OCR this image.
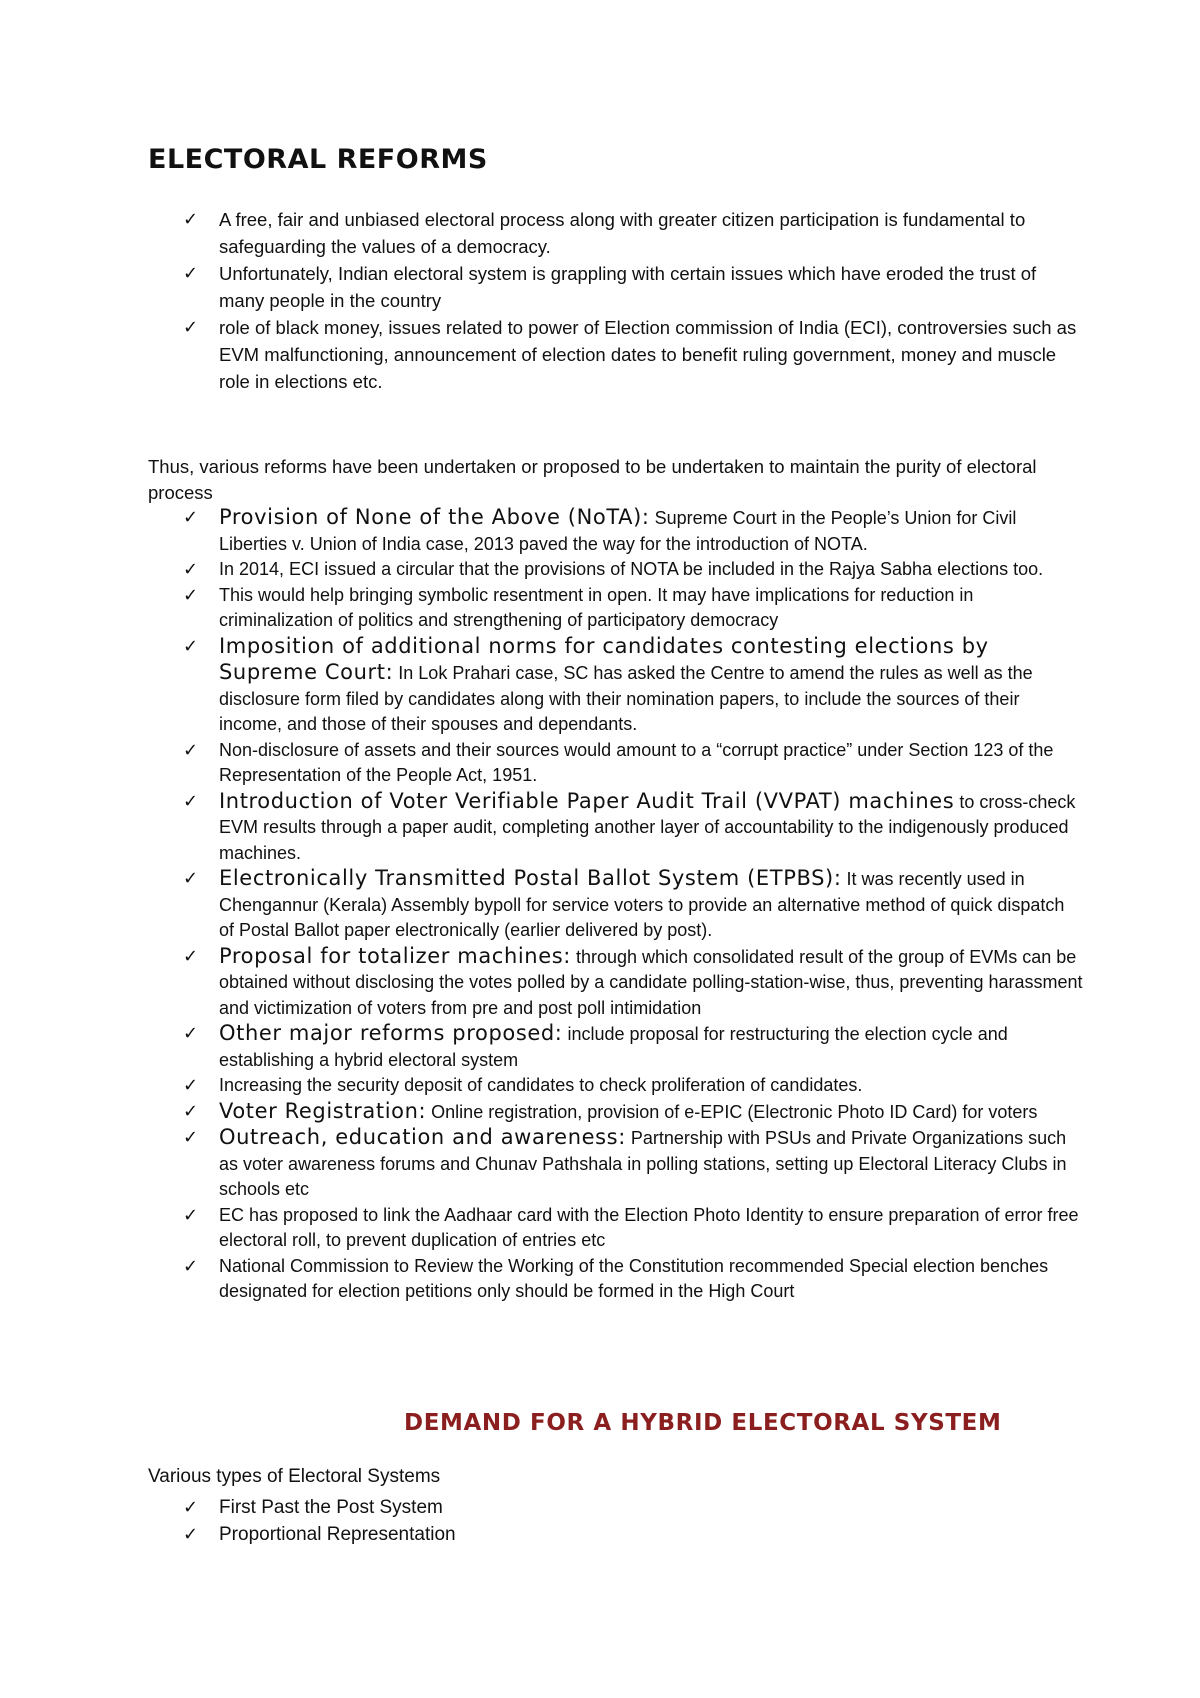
ELECTORAL REFORMS
✓ A free, fair and unbiased electoral process along with greater citizen participation is fundamental to safeguarding the values of a democracy.
✓ Unfortunately, Indian electoral system is grappling with certain issues which have eroded the trust of many people in the country
✓ role of black money, issues related to power of Election commission of India (ECI), controversies such as EVM malfunctioning, announcement of election dates to benefit ruling government, money and muscle role in elections etc.

Thus, various reforms have been undertaken or proposed to be undertaken to maintain the purity of electoral process

✓ Provision of None of the Above (NoTA): Supreme Court in the People’s Union for Civil Liberties v. Union of India case, 2013 paved the way for the introduction of NOTA.
✓ In 2014, ECI issued a circular that the provisions of NOTA be included in the Rajya Sabha elections too.
✓ This would help bringing symbolic resentment in open. It may have implications for reduction in criminalization of politics and strengthening of participatory democracy
✓ Imposition of additional norms for candidates contesting elections by Supreme Court: In Lok Prahari case, SC has asked the Centre to amend the rules as well as the disclosure form filed by candidates along with their nomination papers, to include the sources of their income, and those of their spouses and dependants.
✓ Non-disclosure of assets and their sources would amount to a “corrupt practice” under Section 123 of the Representation of the People Act, 1951.
✓ Introduction of Voter Verifiable Paper Audit Trail (VVPAT) machines to cross-check EVM results through a paper audit, completing another layer of accountability to the indigenously produced machines.
✓ Electronically Transmitted Postal Ballot System (ETPBS): It was recently used in Chengannur (Kerala) Assembly bypoll for service voters to provide an alternative method of quick dispatch of Postal Ballot paper electronically (earlier delivered by post).
✓ Proposal for totalizer machines: through which consolidated result of the group of EVMs can be obtained without disclosing the votes polled by a candidate polling-station-wise, thus, preventing harassment and victimization of voters from pre and post poll intimidation
✓ Other major reforms proposed: include proposal for restructuring the election cycle and establishing a hybrid electoral system
✓ Increasing the security deposit of candidates to check proliferation of candidates.
✓ Voter Registration: Online registration, provision of e-EPIC (Electronic Photo ID Card) for voters
✓ Outreach, education and awareness: Partnership with PSUs and Private Organizations such as voter awareness forums and Chunav Pathshala in polling stations, setting up Electoral Literacy Clubs in schools etc
✓ EC has proposed to link the Aadhaar card with the Election Photo Identity to ensure preparation of error free electoral roll, to prevent duplication of entries etc
✓ National Commission to Review the Working of the Constitution recommended Special election benches designated for election petitions only should be formed in the High Court
DEMAND FOR A HYBRID ELECTORAL SYSTEM

Various types of Electoral Systems

✓ First Past the Post System
✓ Proportional Representation
